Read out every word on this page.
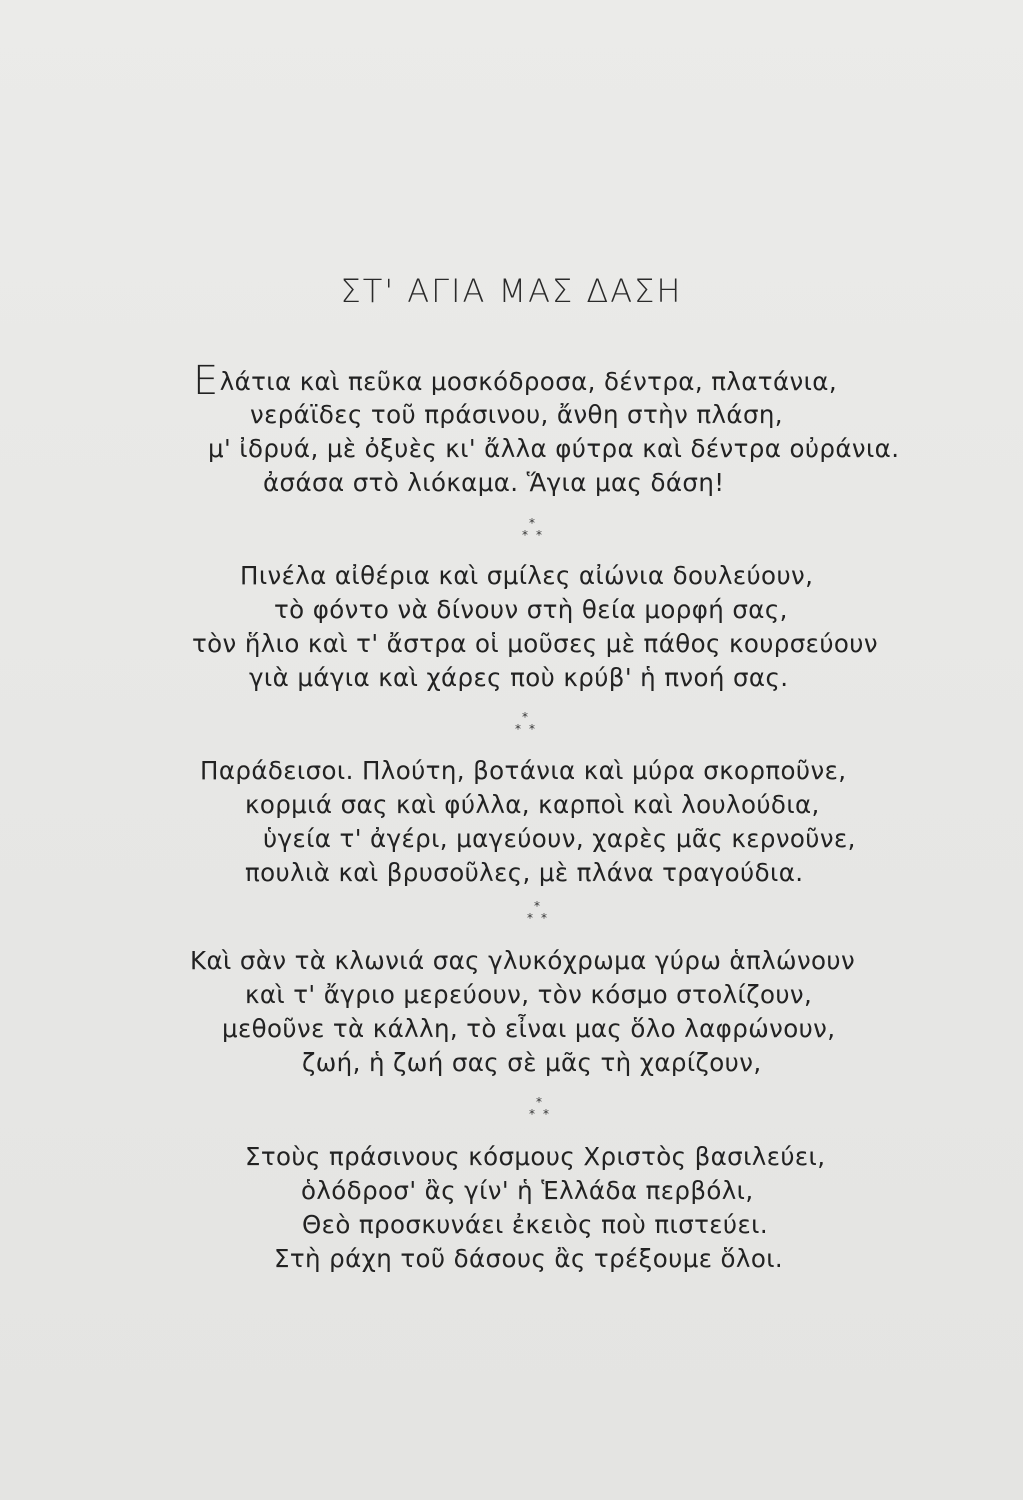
ΣΤ' ΑΓΙΑ ΜΑΣ ΔΑΣΗ
Ελάτια καὶ πεῦκα μοσκόδροσα, δέντρα, πλατάνια,
νεράϊδες τοῦ πράσινου, ἄνθη στὴν πλάση,
μ' ἰδρυά, μὲ ὀξυὲς κι' ἄλλα φύτρα καὶ δέντρα οὐράνια.
ἀσάσα στὸ λιόκαμα. Ἅγια μας δάση!
*
* *
Πινέλα αἰθέρια καὶ σμίλες αἰώνια δουλεύουν,
τὸ φόντο νὰ δίνουν στὴ θεία μορφή σας,
τὸν ἥλιο καὶ τ' ἄστρα οἱ μοῦσες μὲ πάθος κουρσεύουν
γιὰ μάγια καὶ χάρες ποὺ κρύβ' ἡ πνοή σας.
*
* *
Παράδεισοι. Πλούτη, βοτάνια καὶ μύρα σκορποῦνε,
κορμιά σας καὶ φύλλα, καρποὶ καὶ λουλούδια,
ὑγεία τ' ἀγέρι, μαγεύουν, χαρὲς μᾶς κερνοῦνε,
πουλιὰ καὶ βρυσοῦλες, μὲ πλάνα τραγούδια.
*
* *
Καὶ σὰν τὰ κλωνιά σας γλυκόχρωμα γύρω ἁπλώνουν
καὶ τ' ἄγριο μερεύουν, τὸν κόσμο στολίζουν,
μεθοῦνε τὰ κάλλη, τὸ εἶναι μας ὅλο λαφρώνουν,
ζωή, ἡ ζωή σας σὲ μᾶς τὴ χαρίζουν,
*
* *
Στοὺς πράσινους κόσμους Χριστὸς βασιλεύει,
ὁλόδροσ' ἂς γίν' ἡ Ἑλλάδα περβόλι,
Θεὸ προσκυνάει ἐκειὸς ποὺ πιστεύει.
Στὴ ράχη τοῦ δάσους ἂς τρέξουμε ὅλοι.
